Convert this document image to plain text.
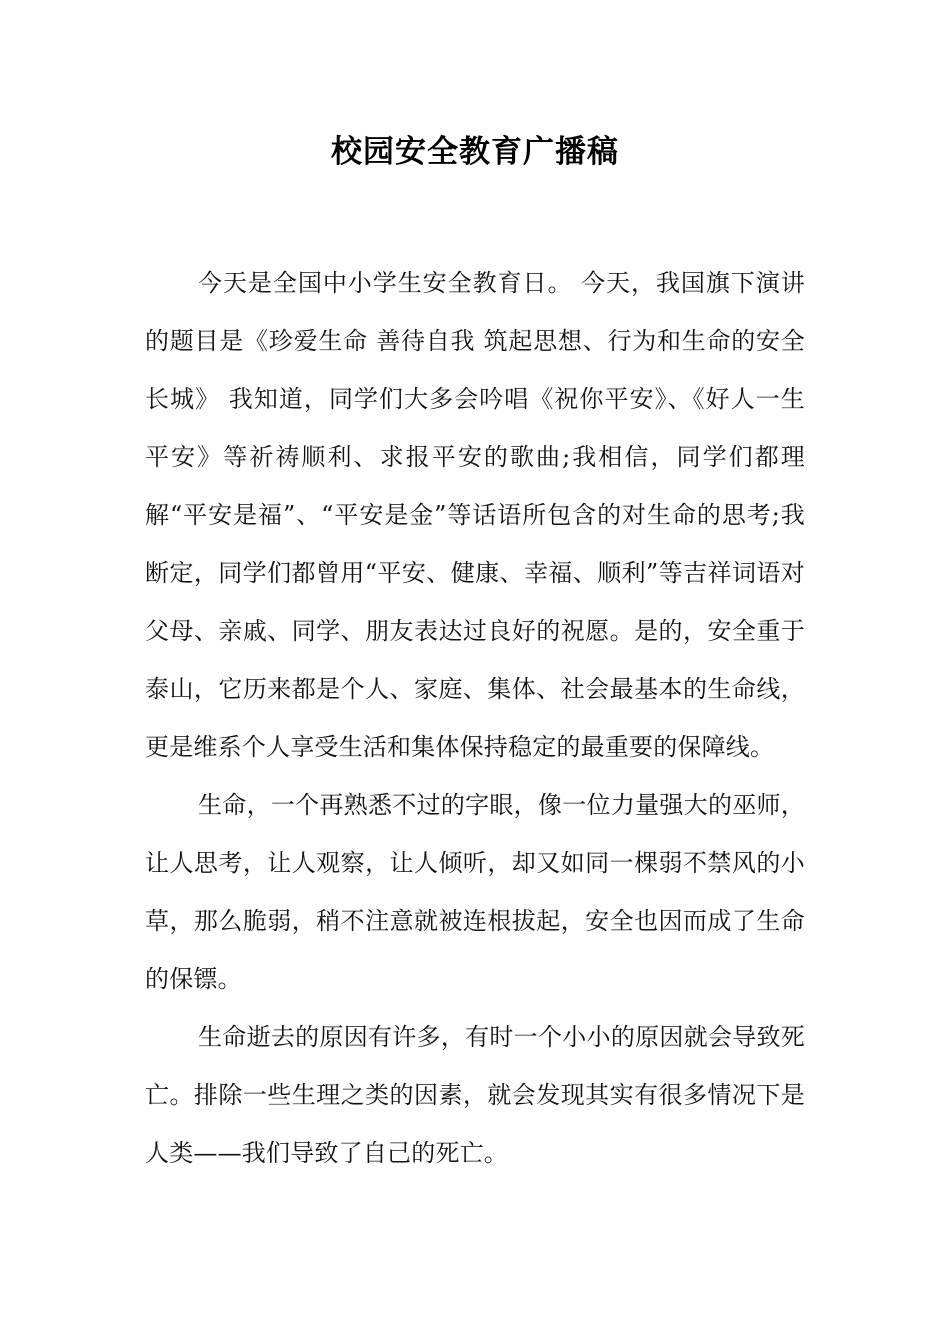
校园安全教育广播稿

今天是全国中小学生安全教育日。 今天，我国旗下演讲的题目是《珍爱生命 善待自我 筑起思想、行为和生命的安全长城》 我知道，同学们大多会吟唱《祝你平安》、《好人一生平安》等祈祷顺利、求报平安的歌曲;我相信，同学们都理解“平安是福”、“平安是金”等话语所包含的对生命的思考;我断定，同学们都曾用“平安、健康、幸福、顺利”等吉祥词语对父母、亲戚、同学、朋友表达过良好的祝愿。是的，安全重于泰山，它历来都是个人、家庭、集体、社会最基本的生命线，更是维系个人享受生活和集体保持稳定的最重要的保障线。

生命，一个再熟悉不过的字眼，像一位力量强大的巫师，让人思考，让人观察，让人倾听，却又如同一棵弱不禁风的小草，那么脆弱，稍不注意就被连根拔起，安全也因而成了生命的保镖。

生命逝去的原因有许多，有时一个小小的原因就会导致死亡。排除一些生理之类的因素，就会发现其实有很多情况下是人类——我们导致了自己的死亡。
